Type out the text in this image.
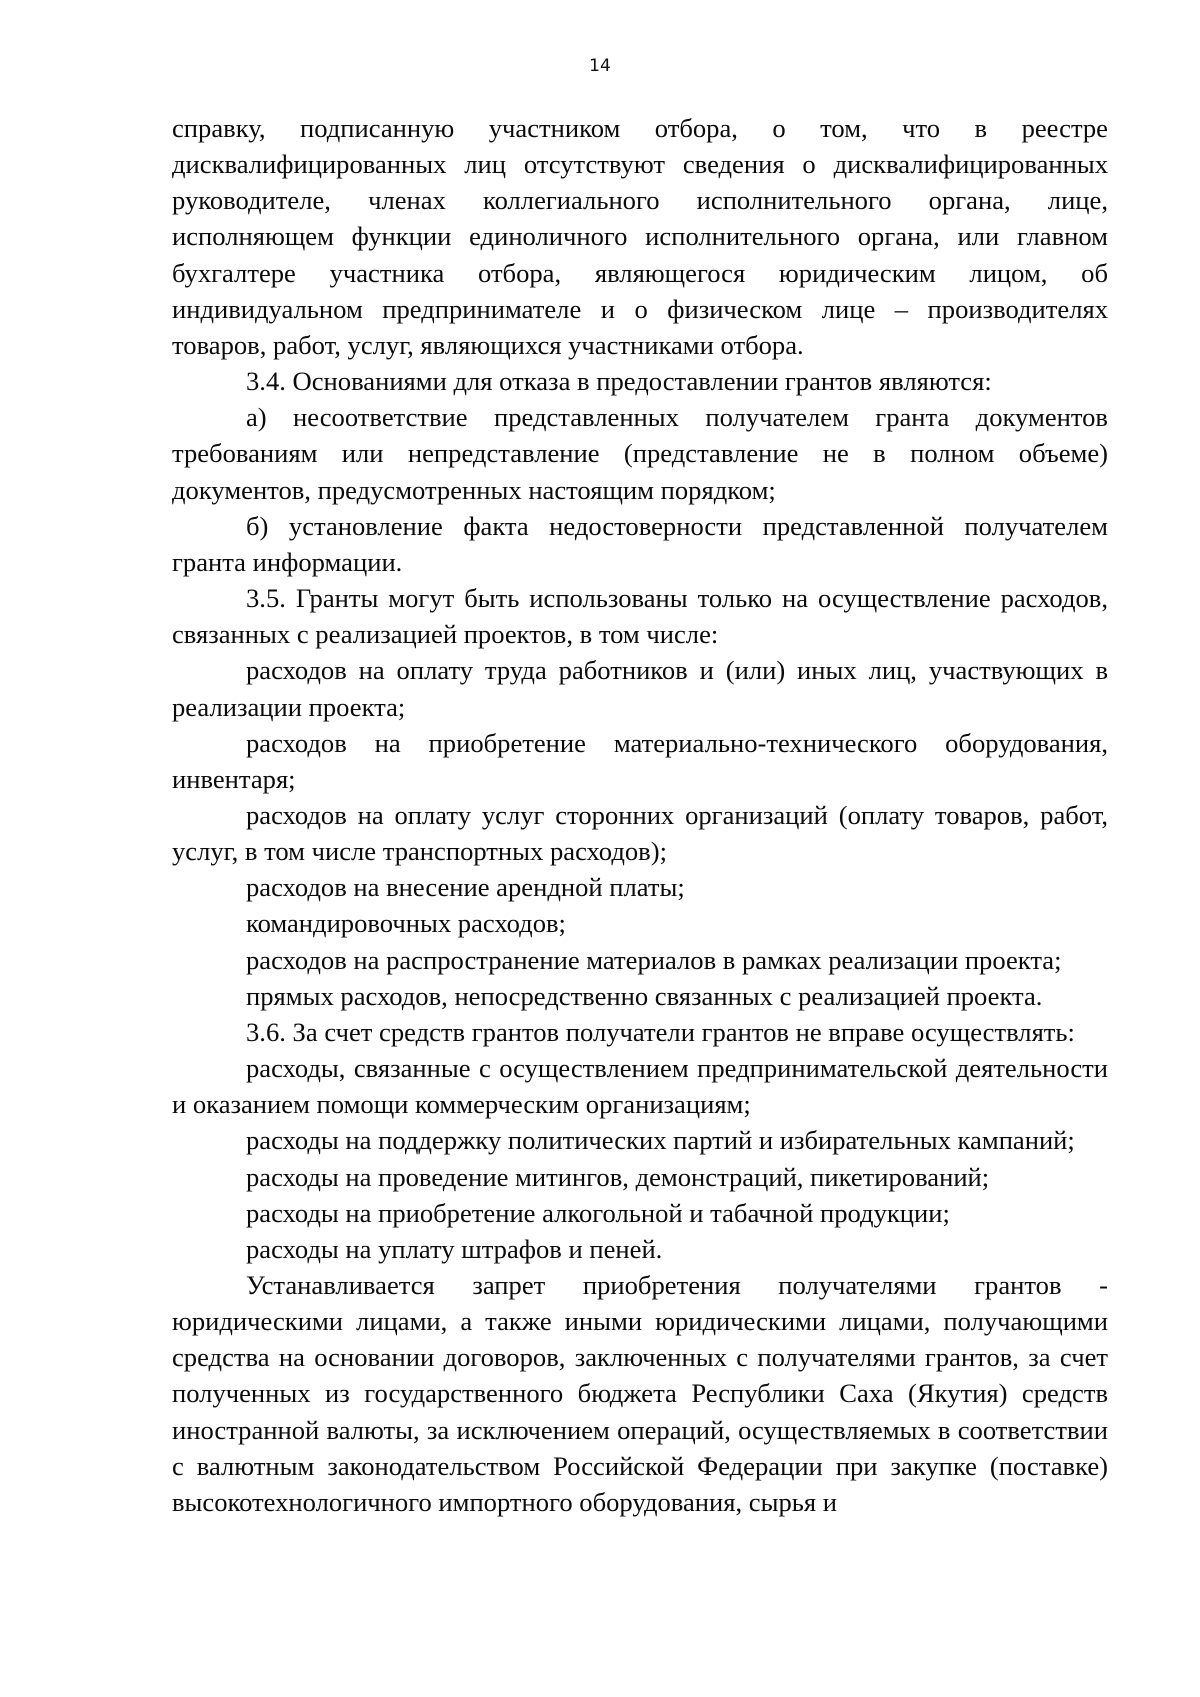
14

справку, подписанную участником отбора, о том, что в реестре дисквалифицированных лиц отсутствуют сведения о дисквалифицированных руководителе, членах коллегиального исполнительного органа, лице, исполняющем функции единоличного исполнительного органа, или главном бухгалтере участника отбора, являющегося юридическим лицом, об индивидуальном предпринимателе и о физическом лице – производителях товаров, работ, услуг, являющихся участниками отбора.

3.4. Основаниями для отказа в предоставлении грантов являются:

а) несоответствие представленных получателем гранта документов требованиям или непредставление (представление не в полном объеме) документов, предусмотренных настоящим порядком;

б) установление факта недостоверности представленной получателем гранта информации.

3.5. Гранты могут быть использованы только на осуществление расходов, связанных с реализацией проектов, в том числе:

расходов на оплату труда работников и (или) иных лиц, участвующих в реализации проекта;

расходов на приобретение материально-технического оборудования, инвентаря;

расходов на оплату услуг сторонних организаций (оплату товаров, работ, услуг, в том числе транспортных расходов);

расходов на внесение арендной платы;

командировочных расходов;

расходов на распространение материалов в рамках реализации проекта;

прямых расходов, непосредственно связанных с реализацией проекта.

3.6. За счет средств грантов получатели грантов не вправе осуществлять:

расходы, связанные с осуществлением предпринимательской деятельности и оказанием помощи коммерческим организациям;

расходы на поддержку политических партий и избирательных кампаний;

расходы на проведение митингов, демонстраций, пикетирований;

расходы на приобретение алкогольной и табачной продукции;

расходы на уплату штрафов и пеней.

Устанавливается запрет приобретения получателями грантов - юридическими лицами, а также иными юридическими лицами, получающими средства на основании договоров, заключенных с получателями грантов, за счет полученных из государственного бюджета Республики Саха (Якутия) средств иностранной валюты, за исключением операций, осуществляемых в соответствии с валютным законодательством Российской Федерации при закупке (поставке) высокотехнологичного импортного оборудования, сырья и
